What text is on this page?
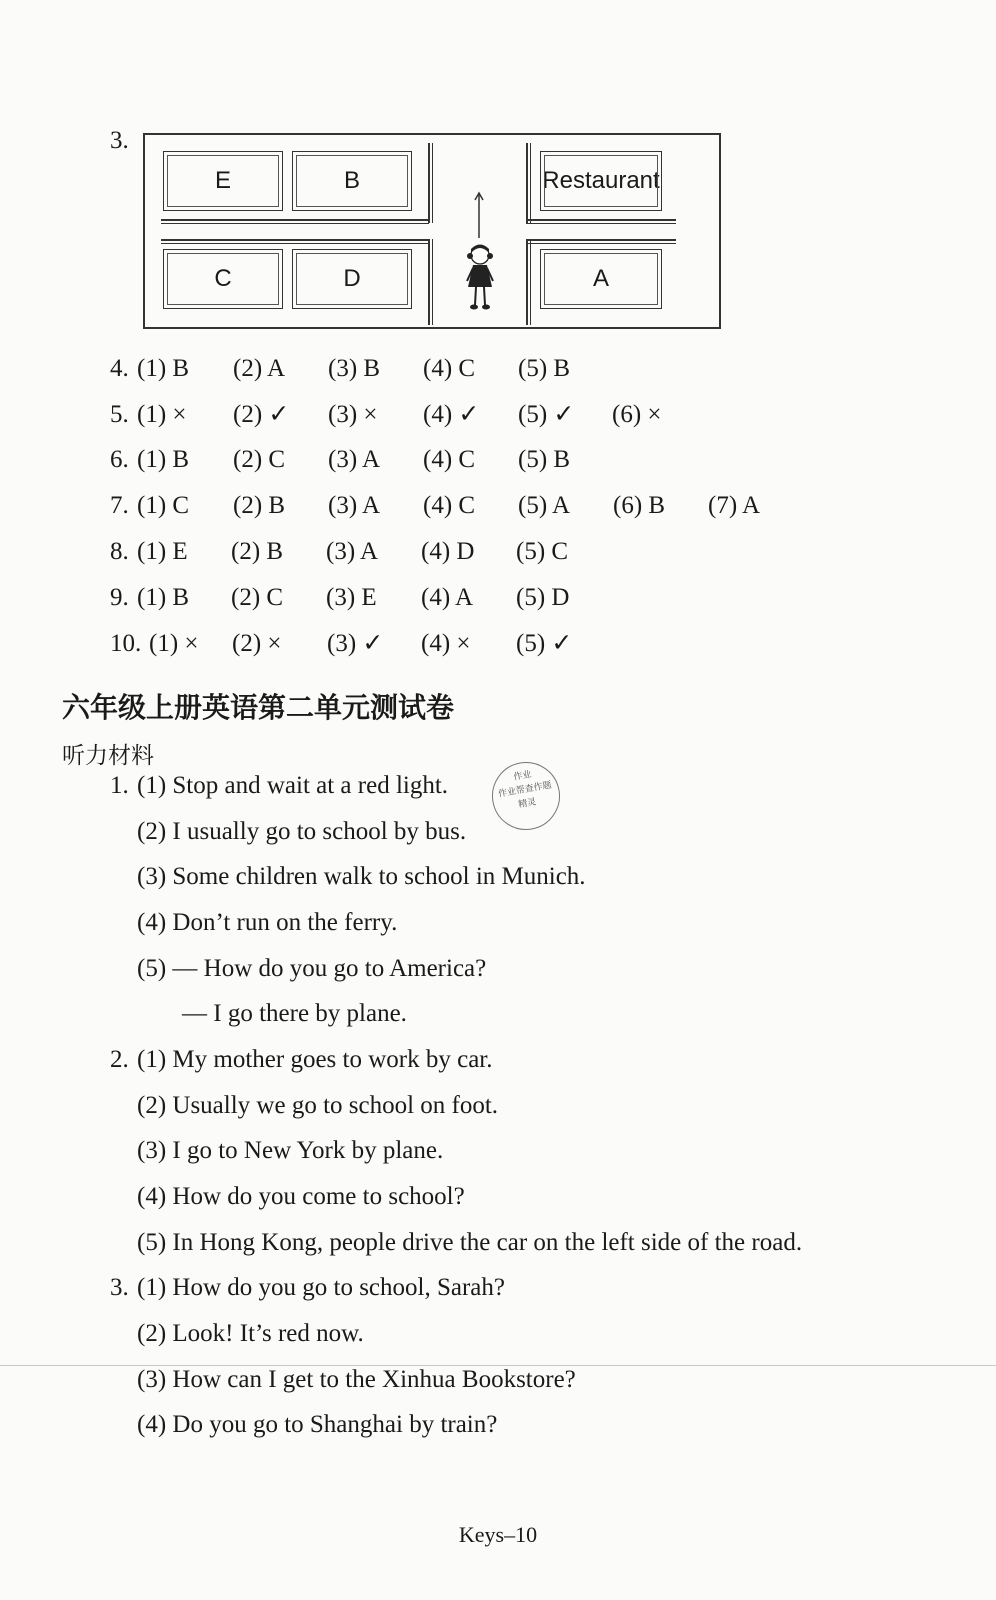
3.
E	B
C	D
Restaurant
A
4. (1) B (2) A (3) B (4) C (5) B
5. (1) × (2) ✓ (3) × (4) ✓ (5) ✓ (6) ×
6. (1) B (2) C (3) A (4) C (5) B
7. (1) C (2) B (3) A (4) C (5) A (6) B (7) A
8. (1) E (2) B (3) A (4) D (5) C
9. (1) B (2) C (3) E (4) A (5) D
10. (1) × (2) × (3) ✓ (4) × (5) ✓
六年级上册英语第二单元测试卷
听力材料
1. (1) Stop and wait at a red light.
(2) I usually go to school by bus.
(3) Some children walk to school in Munich.
(4) Don’t run on the ferry.
(5) — How do you go to America?
— I go there by plane.
作业
作业帮查作题
精灵
2. (1) My mother goes to work by car.
(2) Usually we go to school on foot.
(3) I go to New York by plane.
(4) How do you come to school?
(5) In Hong Kong, people drive the car on the left side of the road.
3. (1) How do you go to school, Sarah?
(2) Look! It’s red now.
(3) How can I get to the Xinhua Bookstore?
(4) Do you go to Shanghai by train?
Keys–10
